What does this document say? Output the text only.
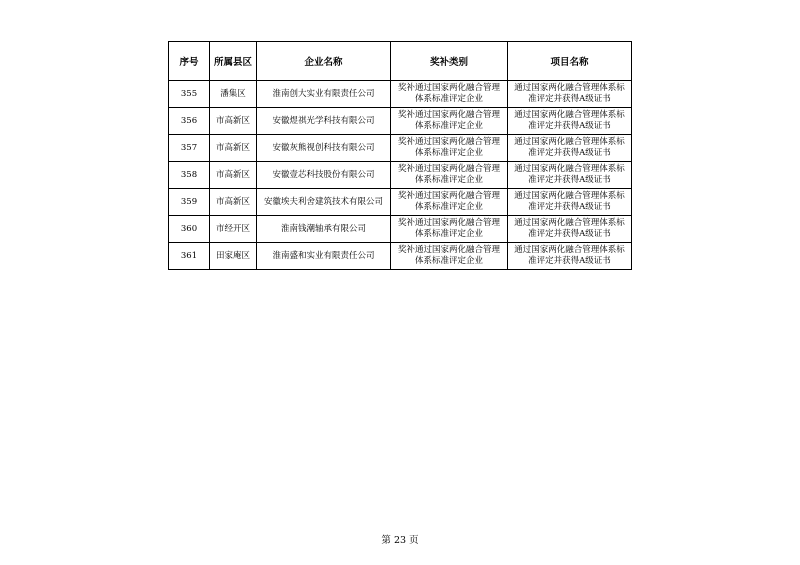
序号	所属县区	企业名称	奖补类别	项目名称
355	潘集区	淮南创大实业有限责任公司	奖补通过国家两化融合管理
体系标准评定企业	通过国家两化融合管理体系标
准评定并获得A级证书

356	市高新区	安徽煜祺光学科技有限公司	奖补通过国家两化融合管理
体系标准评定企业	通过国家两化融合管理体系标
准评定并获得A级证书

357	市高新区	安徽灰熊视创科技有限公司	奖补通过国家两化融合管理
体系标准评定企业	通过国家两化融合管理体系标
准评定并获得A级证书

358	市高新区	安徽壹芯科技股份有限公司	奖补通过国家两化融合管理
体系标准评定企业	通过国家两化融合管理体系标
准评定并获得A级证书

359	市高新区	安徽埃夫利舍建筑技术有限公司	奖补通过国家两化融合管理
体系标准评定企业	通过国家两化融合管理体系标
准评定并获得A级证书

360	市经开区	淮南钱潮轴承有限公司	奖补通过国家两化融合管理
体系标准评定企业	通过国家两化融合管理体系标
准评定并获得A级证书

361	田家庵区	淮南盛和实业有限责任公司	奖补通过国家两化融合管理
体系标准评定企业	通过国家两化融合管理体系标
准评定并获得A级证书
第 23 页
